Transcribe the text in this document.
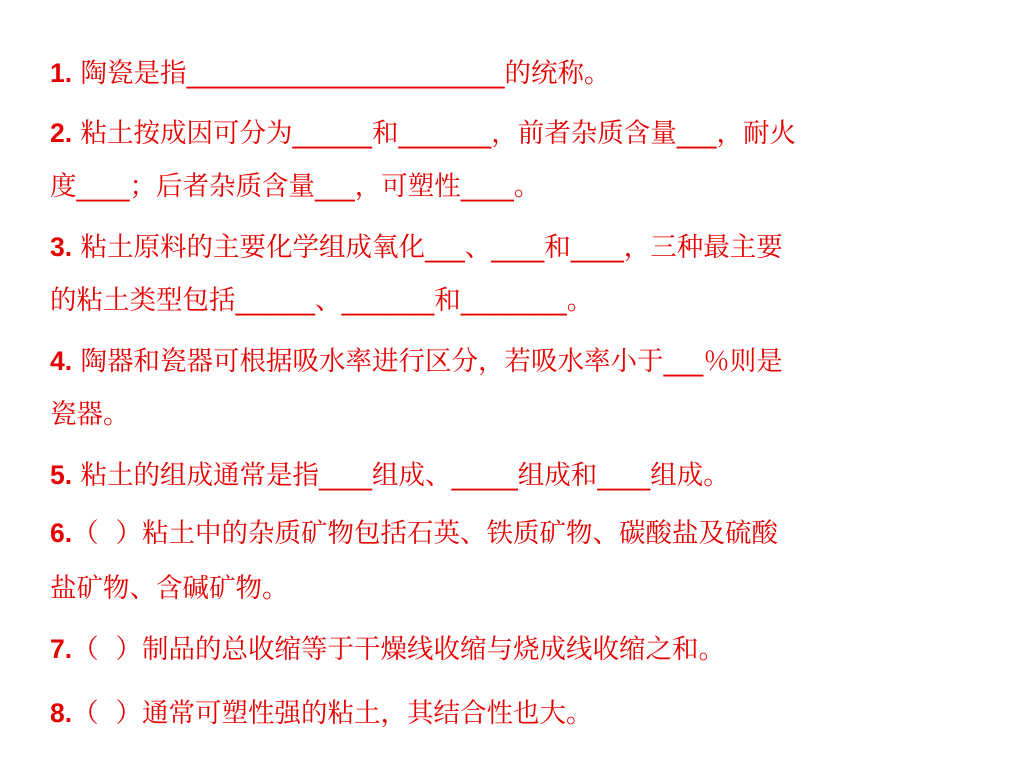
1. 陶瓷是指________________________的统称。
2. 粘土按成因可分为______和_______，前者杂质含量___，耐火
度____；后者杂质含量___，可塑性____。
3. 粘土原料的主要化学组成氧化___、____和____，三种最主要
的粘土类型包括______、_______和________。
4. 陶器和瓷器可根据吸水率进行区分，若吸水率小于___％则是
瓷器。
5. 粘土的组成通常是指____组成、_____组成和____组成。
6.（  ）粘土中的杂质矿物包括石英、铁质矿物、碳酸盐及硫酸
盐矿物、含碱矿物。
7.（  ）制品的总收缩等于干燥线收缩与烧成线收缩之和。
8.（  ）通常可塑性强的粘土，其结合性也大。
